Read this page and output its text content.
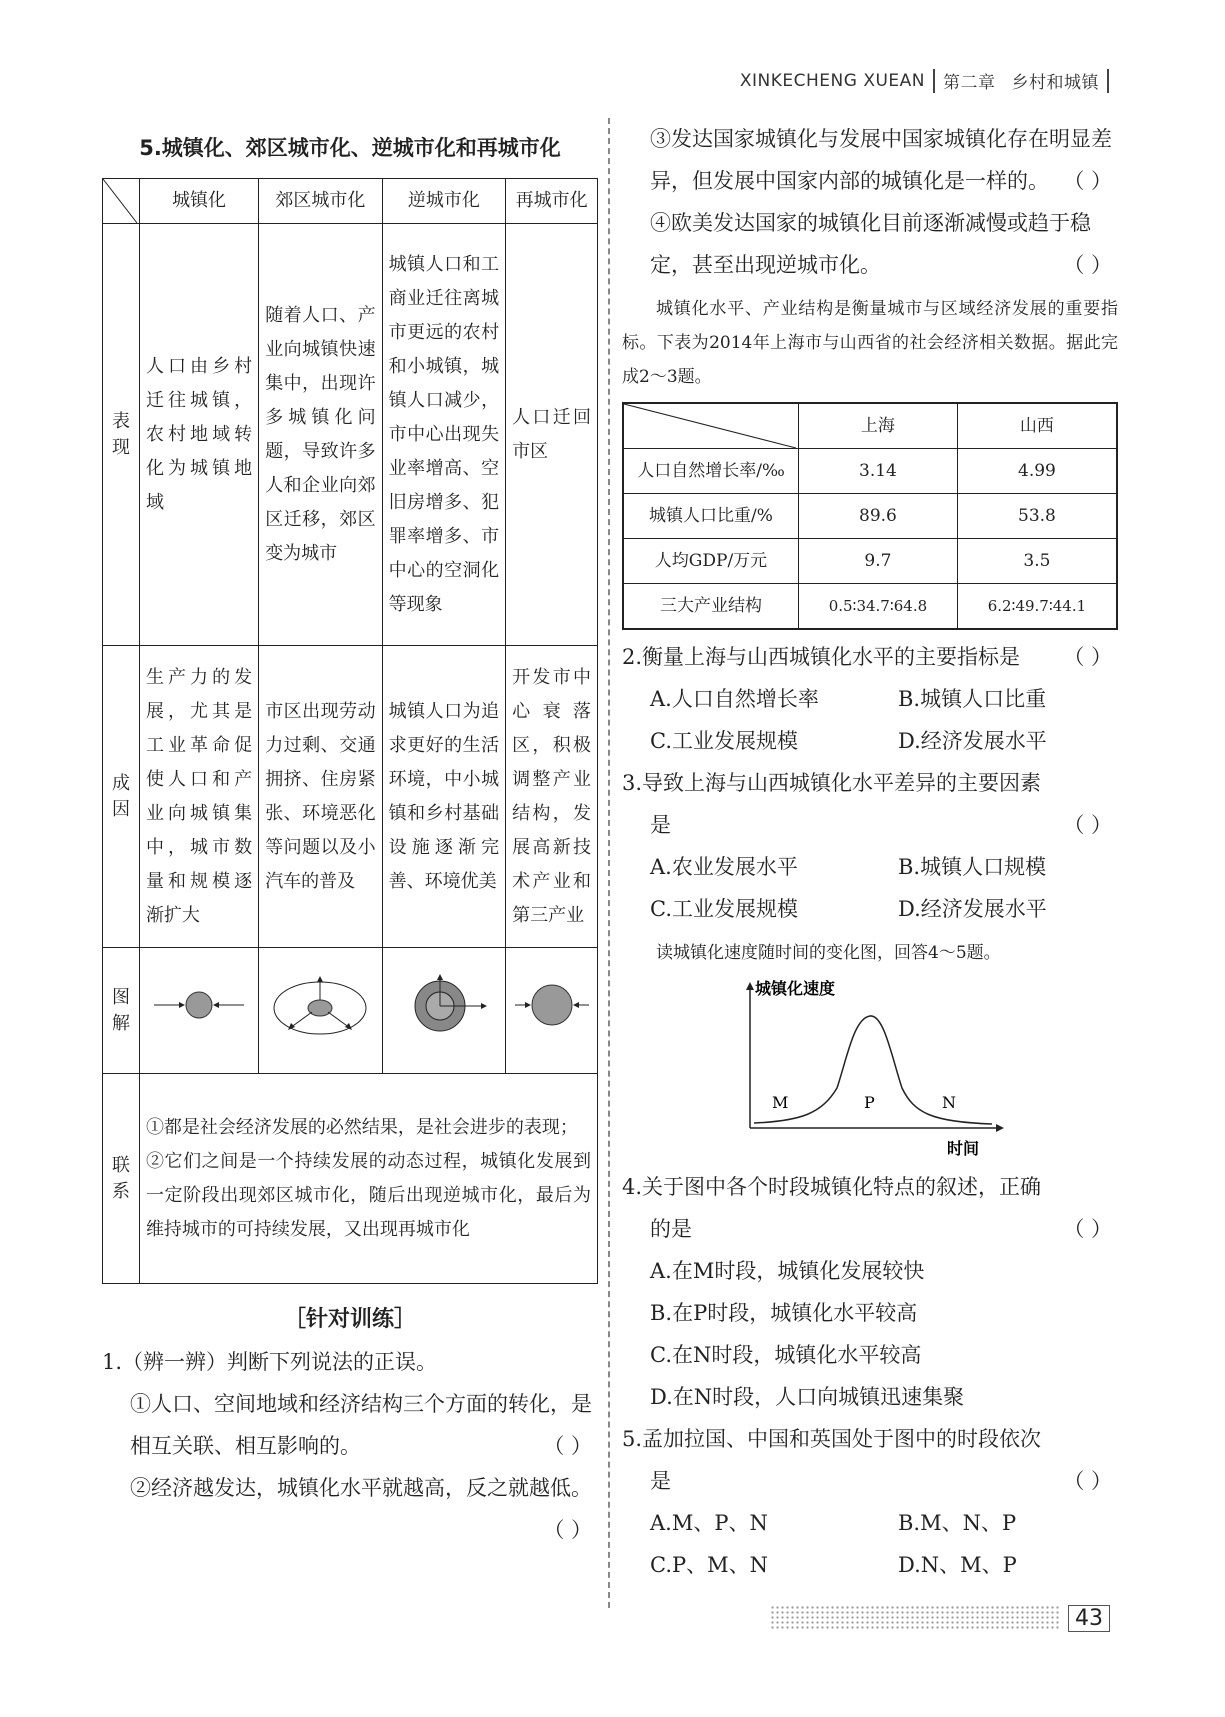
XINKECHENG XUEAN 第二章 乡村和城镇
5.城镇化、郊区城市化、逆城市化和再城市化
	城镇化	郊区城市化	逆城市化	再城市化
表现	人口由乡村迁往城镇，农村地域转化为城镇地域	随着人口、产业向城镇快速集中，出现许多城镇化问题，导致许多人和企业向郊区迁移，郊区变为城市	城镇人口和工商业迁往离城市更远的农村和小城镇，城镇人口减少，市中心出现失业率增高、空旧房增多、犯罪率增多、市中心的空洞化等现象	人口迁回市区
成因	生产力的发展，尤其是工业革命促使人口和产业向城镇集中，城市数量和规模逐渐扩大	市区出现劳动力过剩、交通拥挤、住房紧张、环境恶化等问题以及小汽车的普及	城镇人口为追求更好的生活环境，中小城镇和乡村基础设施逐渐完善、环境优美	开发市中心衰落区，积极调整产业结构，发展高新技术产业和第三产业
图解				
联系	①都是社会经济发展的必然结果，是社会进步的表现；
②它们之间是一个持续发展的动态过程，城镇化发展到一定阶段出现郊区城市化，随后出现逆城市化，最后为维持城市的可持续发展，又出现再城市化			
［针对训练］
1.（辨一辨）判断下列说法的正误。
①人口、空间地域和经济结构三个方面的转化，是相互关联、相互影响的。	（ ）
②经济越发达，城镇化水平就越高，反之就越低。
（ ）
③发达国家城镇化与发展中国家城镇化存在明显差异，但发展中国家内部的城镇化是一样的。 （ ）
④欧美发达国家的城镇化目前逐渐减慢或趋于稳定，甚至出现逆城市化。	（ ）
城镇化水平、产业结构是衡量城市与区域经济发展的重要指标。下表为2014年上海市与山西省的社会经济相关数据。据此完成2～3题。
	上海	山西
人口自然增长率/‰	3.14	4.99
城镇人口比重/%	89.6	53.8
人均GDP/万元	9.7	3.5
三大产业结构	0.5∶34.7∶64.8	6.2∶49.7∶44.1
2.衡量上海与山西城镇化水平的主要指标是 （ ）
A.人口自然增长率	B.城镇人口比重
C.工业发展规模	D.经济发展水平
3.导致上海与山西城镇化水平差异的主要因素
是	（ ）
A.农业发展水平	B.城镇人口规模
C.工业发展规模	D.经济发展水平
读城镇化速度随时间的变化图，回答4～5题。
城镇化速度
时间
M	P	N
4.关于图中各个时段城镇化特点的叙述，正确
的是	（ ）
A.在M时段，城镇化发展较快
B.在P时段，城镇化水平较高
C.在N时段，城镇化水平较高
D.在N时段，人口向城镇迅速集聚
5.孟加拉国、中国和英国处于图中的时段依次
是	（ ）
A.M、P、N	B.M、N、P
C.P、M、N	D.N、M、P
43
